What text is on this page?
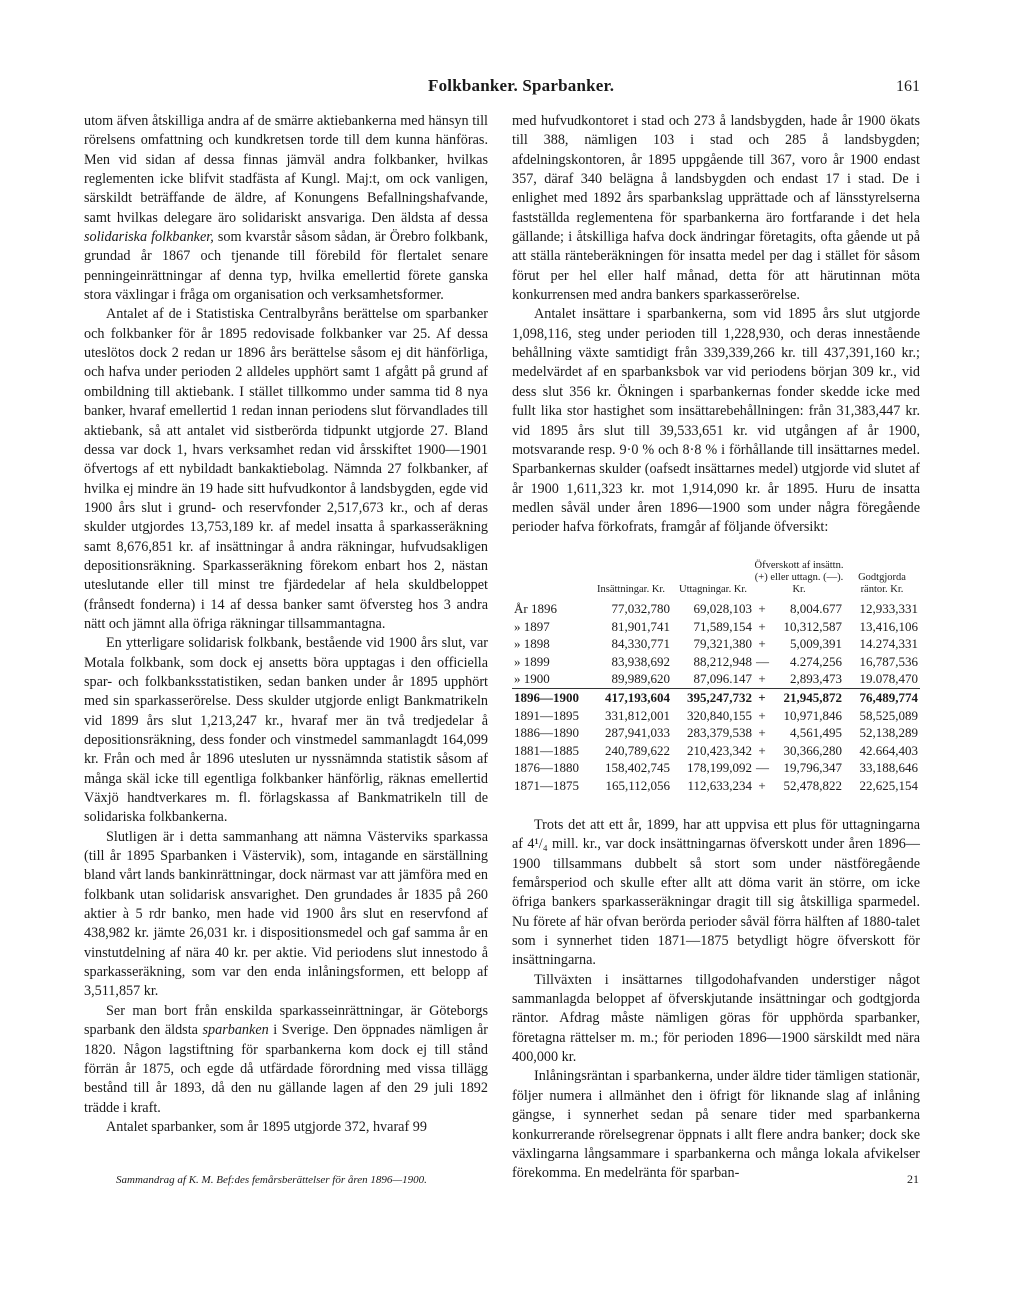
Folkbanker. Sparbanker.	161

utom äfven åtskilliga andra af de smärre aktiebankerna med hänsyn till rörelsens omfattning och kundkretsen torde till dem kunna hänföras. Men vid sidan af dessa finnas jämväl andra folkbanker, hvilkas reglementen icke blifvit stadfästa af Kungl. Maj:t, om ock vanligen, särskildt beträffande de äldre, af Konungens Befallningshafvande, samt hvilkas delegare äro solidariskt ansvariga. Den äldsta af dessa solidariska folkbanker, som kvarstår såsom sådan, är Örebro folkbank, grundad år 1867 och tjenande till förebild för flertalet senare penningeinrättningar af denna typ, hvilka emellertid förete ganska stora växlingar i fråga om organisation och verksamhetsformer.

Antalet af de i Statistiska Centralbyråns berättelse om sparbanker och folkbanker för år 1895 redovisade folkbanker var 25. Af dessa uteslötos dock 2 redan ur 1896 års berättelse såsom ej dit hänförliga, och hafva under perioden 2 alldeles upphört samt 1 afgått på grund af ombildning till aktiebank. I stället tillkommo under samma tid 8 nya banker, hvaraf emellertid 1 redan innan periodens slut förvandlades till aktiebank, så att antalet vid sistberörda tidpunkt utgjorde 27. Bland dessa var dock 1, hvars verksamhet redan vid årsskiftet 1900—1901 öfvertogs af ett nybildadt bankaktiebolag. Nämnda 27 folkbanker, af hvilka ej mindre än 19 hade sitt hufvudkontor å landsbygden, egde vid 1900 års slut i grund- och reservfonder 2,517,673 kr., och af deras skulder utgjordes 13,753,189 kr. af medel insatta å sparkasseräkning samt 8,676,851 kr. af insättningar å andra räkningar, hufvudsakligen depositionsräkning. Sparkasseräkning förekom enbart hos 2, nästan uteslutande eller till minst tre fjärdedelar af hela skuldbeloppet (frånsedt fonderna) i 14 af dessa banker samt öfversteg hos 3 andra nätt och jämnt alla öfriga räkningar tillsammantagna.

En ytterligare solidarisk folkbank, bestående vid 1900 års slut, var Motala folkbank, som dock ej ansetts böra upptagas i den officiella spar- och folkbanksstatistiken, sedan banken under år 1895 upphört med sin sparkasserörelse. Dess skulder utgjorde enligt Bankmatrikeln vid 1899 års slut 1,213,247 kr., hvaraf mer än två tredjedelar å depositionsräkning, dess fonder och vinstmedel sammanlagdt 164,099 kr. Från och med år 1896 utesluten ur nyssnämnda statistik såsom af många skäl icke till egentliga folkbanker hänförlig, räknas emellertid Växjö handtverkares m. fl. förlagskassa af Bankmatrikeln till de solidariska folkbankerna.

Slutligen är i detta sammanhang att nämna Västerviks sparkassa (till år 1895 Sparbanken i Västervik), som, intagande en särställning bland vårt lands bankinrättningar, dock närmast var att jämföra med en folkbank utan solidarisk ansvarighet. Den grundades år 1835 på 260 aktier à 5 rdr banko, men hade vid 1900 års slut en reservfond af 438,982 kr. jämte 26,031 kr. i dispositionsmedel och gaf samma år en vinstutdelning af nära 40 kr. per aktie. Vid periodens slut innestodo å sparkasseräkning, som var den enda inlåningsformen, ett belopp af 3,511,857 kr.

Ser man bort från enskilda sparkasseinrättningar, är Göteborgs sparbank den äldsta sparbanken i Sverige. Den öppnades nämligen år 1820. Någon lagstiftning för sparbankerna kom dock ej till stånd förrän år 1875, och egde då utfärdade förordning med vissa tillägg bestånd till år 1893, då den nu gällande lagen af den 29 juli 1892 trädde i kraft.

Antalet sparbanker, som år 1895 utgjorde 372, hvaraf 99

med hufvudkontoret i stad och 273 å landsbygden, hade år 1900 ökats till 388, nämligen 103 i stad och 285 å landsbygden; afdelningskontoren, år 1895 uppgående till 367, voro år 1900 endast 357, däraf 340 belägna å landsbygden och endast 17 i stad. De i enlighet med 1892 års sparbankslag upprättade och af länsstyrelserna fastställda reglementena för sparbankerna äro fortfarande i det hela gällande; i åtskilliga hafva dock ändringar företagits, ofta gående ut på att ställa ränteberäkningen för insatta medel per dag i stället för såsom förut per hel eller half månad, detta för att härutinnan möta konkurrensen med andra bankers sparkasserörelse.

Antalet insättare i sparbankerna, som vid 1895 års slut utgjorde 1,098,116, steg under perioden till 1,228,930, och deras innestående behållning växte samtidigt från 339,339,266 kr. till 437,391,160 kr.; medelvärdet af en sparbanksbok var vid periodens början 309 kr., vid dess slut 356 kr. Ökningen i sparbankernas fonder skedde icke med fullt lika stor hastighet som insättarebehållningen: från 31,383,447 kr. vid 1895 års slut till 39,533,651 kr. vid utgången af år 1900, motsvarande resp. 9·0 % och 8·8 % i förhållande till insättarnes medel. Sparbankernas skulder (oafsedt insättarnes medel) utgjorde vid slutet af år 1900 1,611,323 kr. mot 1,914,090 kr. år 1895. Huru de insatta medlen såväl under åren 1896—1900 som under några föregående perioder hafva förkofrats, framgår af följande öfversikt:

	Insättningar. Kr.	Uttagningar. Kr.	Öfverskott af insättn. (+) eller uttagn. (—). Kr.		Godtgjorda räntor. Kr.
År 1896	77,032,780	69,028,103	+	8,004.677	12,933,331
» 1897	81,901,741	71,589,154	+	10,312,587	13,416,106
» 1898	84,330,771	79,321,380	+	5,009,391	14.274,331
» 1899	83,938,692	88,212,948	—	4.274,256	16,787,536
» 1900	89,989,620	87,096.147	+	2,893,473	19.078,470
1896—1900	417,193,604	395,247,732	+	21,945,872	76,489,774
1891—1895	331,812,001	320,840,155	+	10,971,846	58,525,089
1886—1890	287,941,033	283,379,538	+	4,561,495	52,138,289
1881—1885	240,789,622	210,423,342	+	30,366,280	42.664,403
1876—1880	158,402,745	178,199,092	—	19,796,347	33,188,646
1871—1875	165,112,056	112,633,234	+	52,478,822	22,625,154

Trots det att ett år, 1899, har att uppvisa ett plus för uttagningarna af 4¹/₄ mill. kr., var dock insättningarnas öfverskott under åren 1896—1900 tillsammans dubbelt så stort som under nästföregående femårsperiod och skulle efter allt att döma varit än större, om icke öfriga bankers sparkasseräkningar dragit till sig åtskilliga sparmedel. Nu förete af här ofvan berörda perioder såväl förra hälften af 1880-talet som i synnerhet tiden 1871—1875 betydligt högre öfverskott för insättningarna.

Tillväxten i insättarnes tillgodohafvanden understiger något sammanlagda beloppet af öfverskjutande insättningar och godtgjorda räntor. Afdrag måste nämligen göras för upphörda sparbanker, företagna rättelser m. m.; för perioden 1896—1900 särskildt med nära 400,000 kr.

Inlåningsräntan i sparbankerna, under äldre tider tämligen stationär, följer numera i allmänhet den i öfrigt för liknande slag af inlåning gängse, i synnerhet sedan på senare tider med sparbankerna konkurrerande rörelsegrenar öppnats i allt flere andra banker; dock ske växlingarna långsammare i sparbankerna och många lokala afvikelser förekomma. En medelränta för sparban-

Sammandrag af K. M. Bef:des femårsberättelser för åren 1896—1900.	21
